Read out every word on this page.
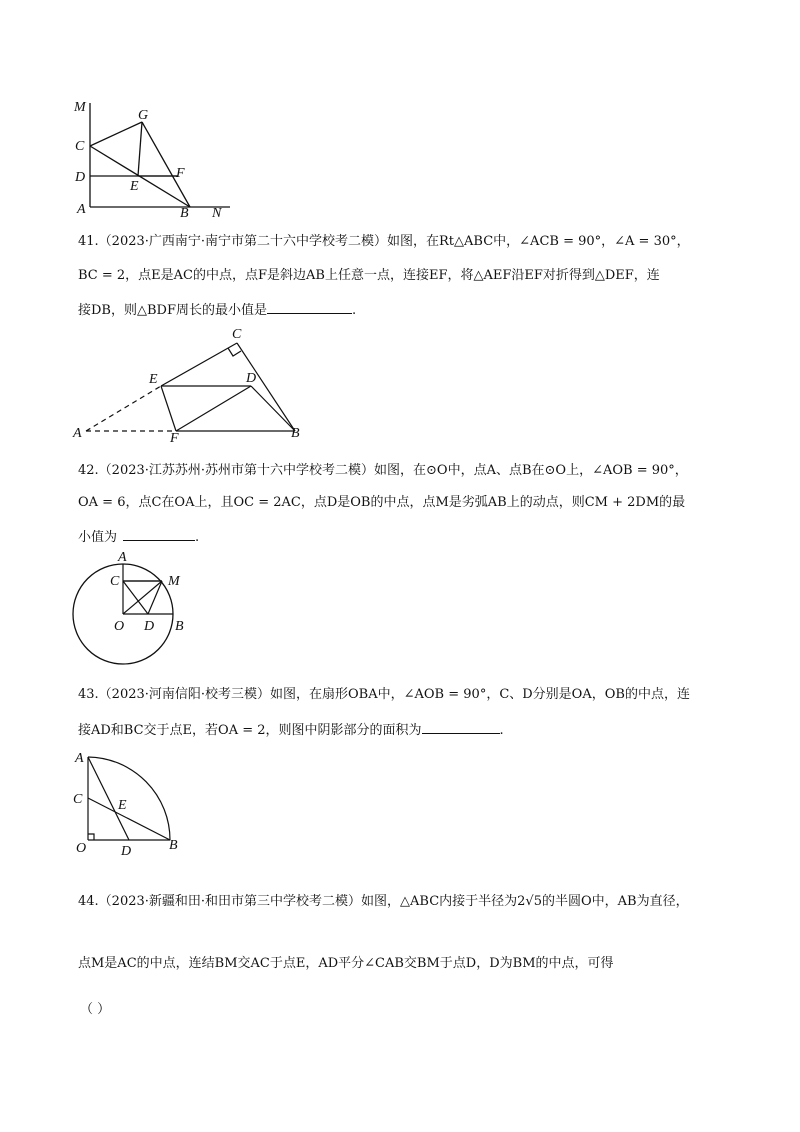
M
G
C
D	F
E
A	B N
41.（2023·广西南宁·南宁市第二十六中学校考二模）如图，在Rt△ABC中，∠ACB = 90°，∠A = 30°，
BC = 2，点E是AC的中点，点F是斜边AB上任意一点，连接EF，将△AEF沿EF对折得到△DEF，连
接DB，则△BDF周长的最小值是	.
C
E	D
A	F	B
42.（2023·江苏苏州·苏州市第十六中学校考二模）如图，在⊙O中，点A、点B在⊙O上，∠AOB = 90°，
OA = 6，点C在OA上，且OC = 2AC，点D是OB的中点，点M是劣弧AB上的动点，则CM + 2DM的最
小值为	.
A
C	M
O D B
43.（2023·河南信阳·校考三模）如图，在扇形OBA中，∠AOB = 90°，C、D分别是OA，OB的中点，连
接AD和BC交于点E，若OA = 2，则图中阴影部分的面积为	.
A
C	E
O D	B
44.（2023·新疆和田·和田市第三中学校考二模）如图，△ABC内接于半径为2√5的半圆O中，AB为直径，
点M是AC的中点，连结BM交AC于点E，AD平分∠CAB交BM于点D，D为BM的中点，可得
（ ）
